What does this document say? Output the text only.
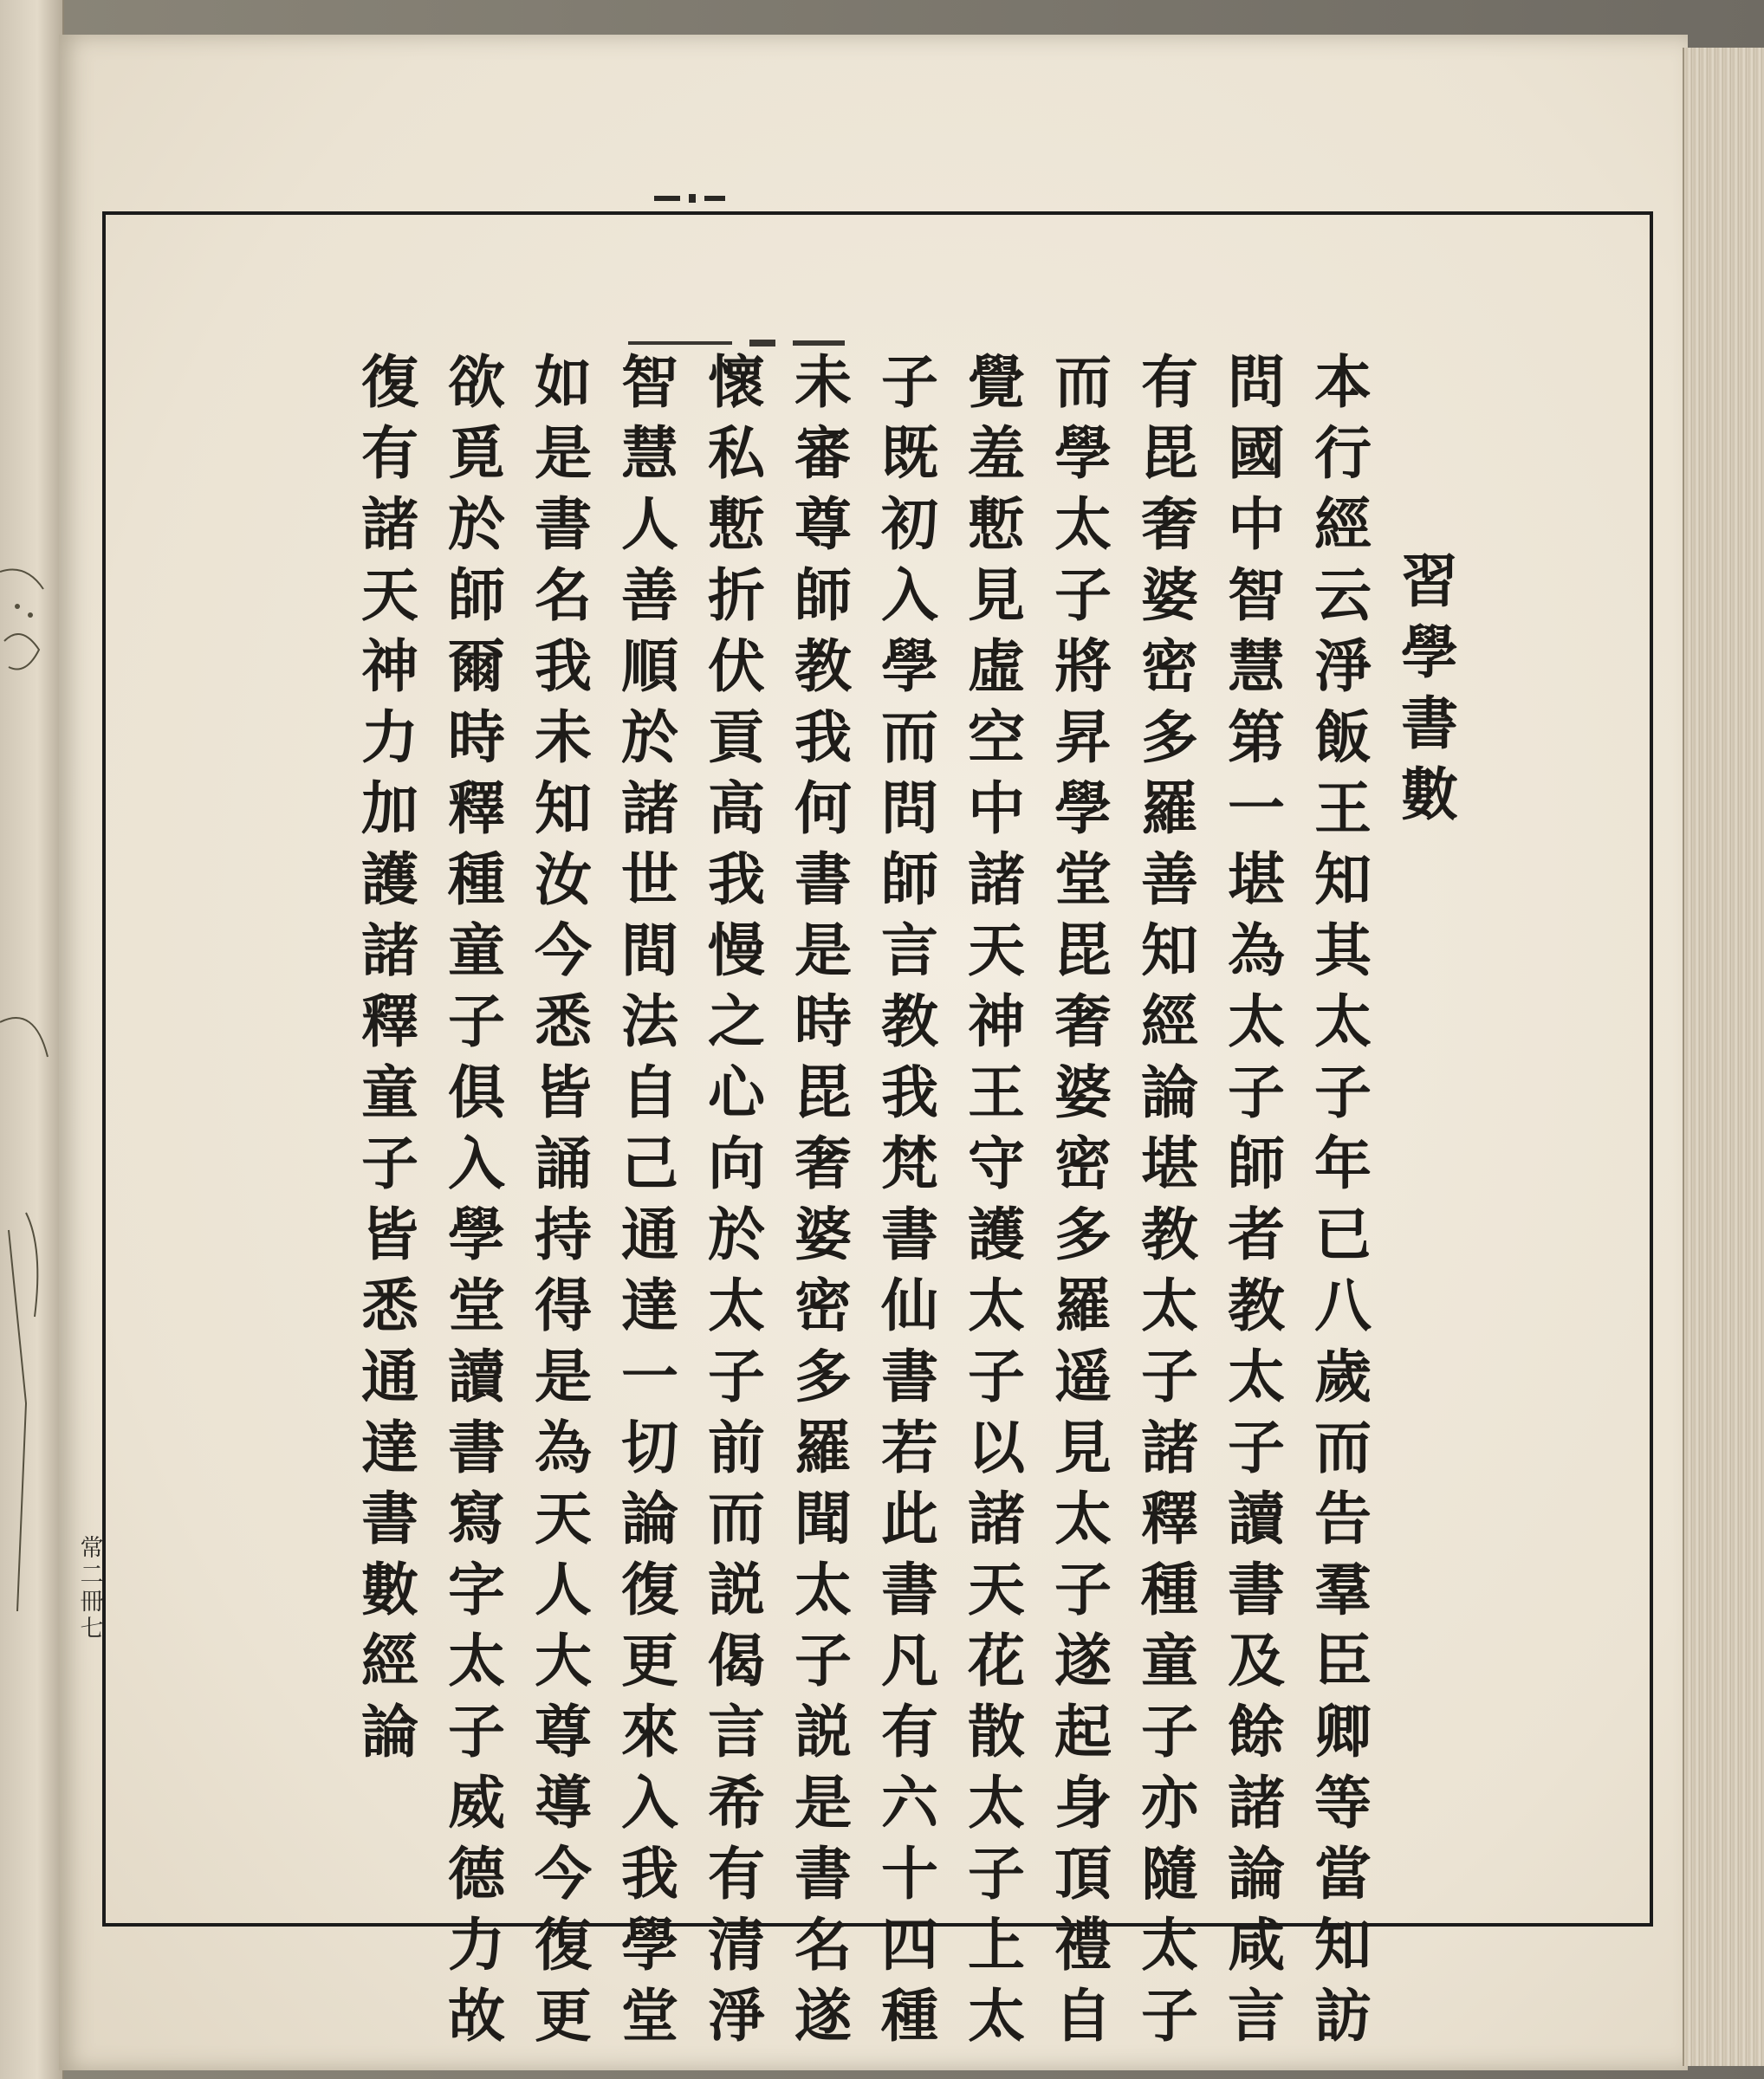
習
學
書
數
本
行
經
云
淨
飯
王
知
其
太
子
年
已
八
歲
而
告
羣
臣
卿
等
當
知
訪
問
國
中
智
慧
第
一
堪
為
太
子
師
者
教
太
子
讀
書
及
餘
諸
論
咸
言
有
毘
奢
婆
密
多
羅
善
知
經
論
堪
教
太
子
諸
釋
種
童
子
亦
隨
太
子
而
學
太
子
將
昇
學
堂
毘
奢
婆
密
多
羅
遥
見
太
子
遂
起
身
頂
禮
自
覺
羞
慙
見
虛
空
中
諸
天
神
王
守
護
太
子
以
諸
天
花
散
太
子
上
太
子
既
初
入
學
而
問
師
言
教
我
梵
書
仙
書
若
此
書
凡
有
六
十
四
種
未
審
尊
師
教
我
何
書
是
時
毘
奢
婆
密
多
羅
聞
太
子
説
是
書
名
遂
懷
私
慙
折
伏
貢
高
我
慢
之
心
向
於
太
子
前
而
説
偈
言
希
有
清
淨
智
慧
人
善
順
於
諸
世
間
法
自
己
通
達
一
切
論
復
更
來
入
我
學
堂
如
是
書
名
我
未
知
汝
今
悉
皆
誦
持
得
是
為
天
人
大
尊
導
今
復
更
欲
覓
於
師
爾
時
釋
種
童
子
俱
入
學
堂
讀
書
寫
字
太
子
威
德
力
故
復
有
諸
天
神
力
加
護
諸
釋
童
子
皆
悉
通
達
書
數
經
論
常
二
冊
七
